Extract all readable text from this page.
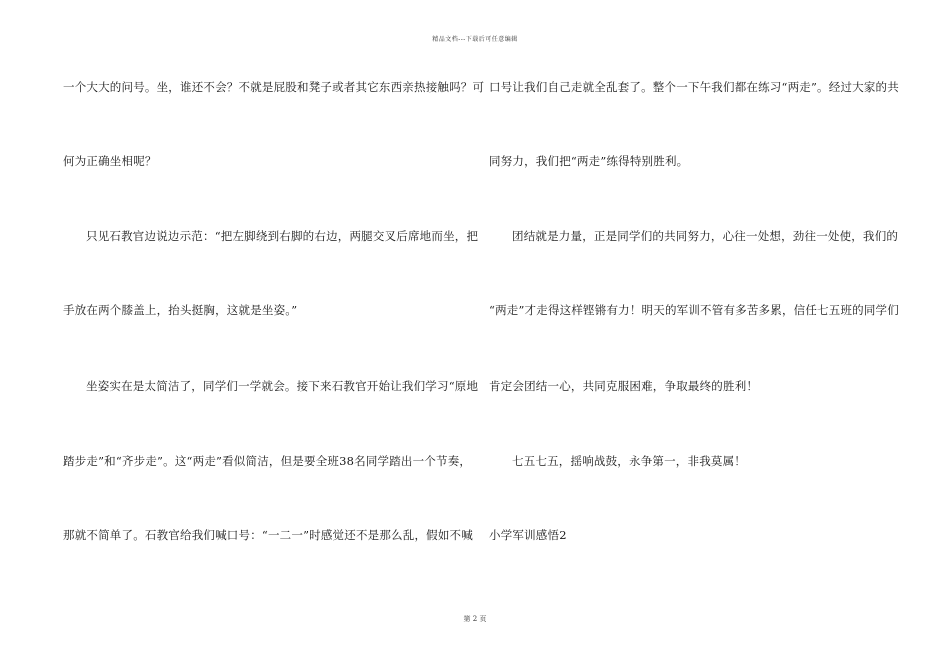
精品文档---下载后可任意编辑
一个大大的问号。坐，谁还不会？不就是屁股和凳子或者其它东西亲热接触吗？可
何为正确坐相呢？
只见石教官边说边示范：“把左脚绕到右脚的右边，两腿交叉后席地而坐，把
手放在两个膝盖上，抬头挺胸，这就是坐姿。”
坐姿实在是太简洁了，同学们一学就会。接下来石教官开始让我们学习“原地
踏步走”和“齐步走”。这“两走”看似简洁，但是要全班38名同学踏出一个节奏，
那就不简单了。石教官给我们喊口号：“一二一”时感觉还不是那么乱，假如不喊
口号让我们自己走就全乱套了。整个一下午我们都在练习“两走”。经过大家的共
同努力，我们把“两走”练得特别胜利。
团结就是力量，正是同学们的共同努力，心往一处想，劲往一处使，我们的
“两走”才走得这样铿锵有力！明天的军训不管有多苦多累，信任七五班的同学们
肯定会团结一心，共同克服困难，争取最终的胜利！
七五七五，揺响战鼓，永争第一，非我莫属！
小学军训感悟2
第 2 页
